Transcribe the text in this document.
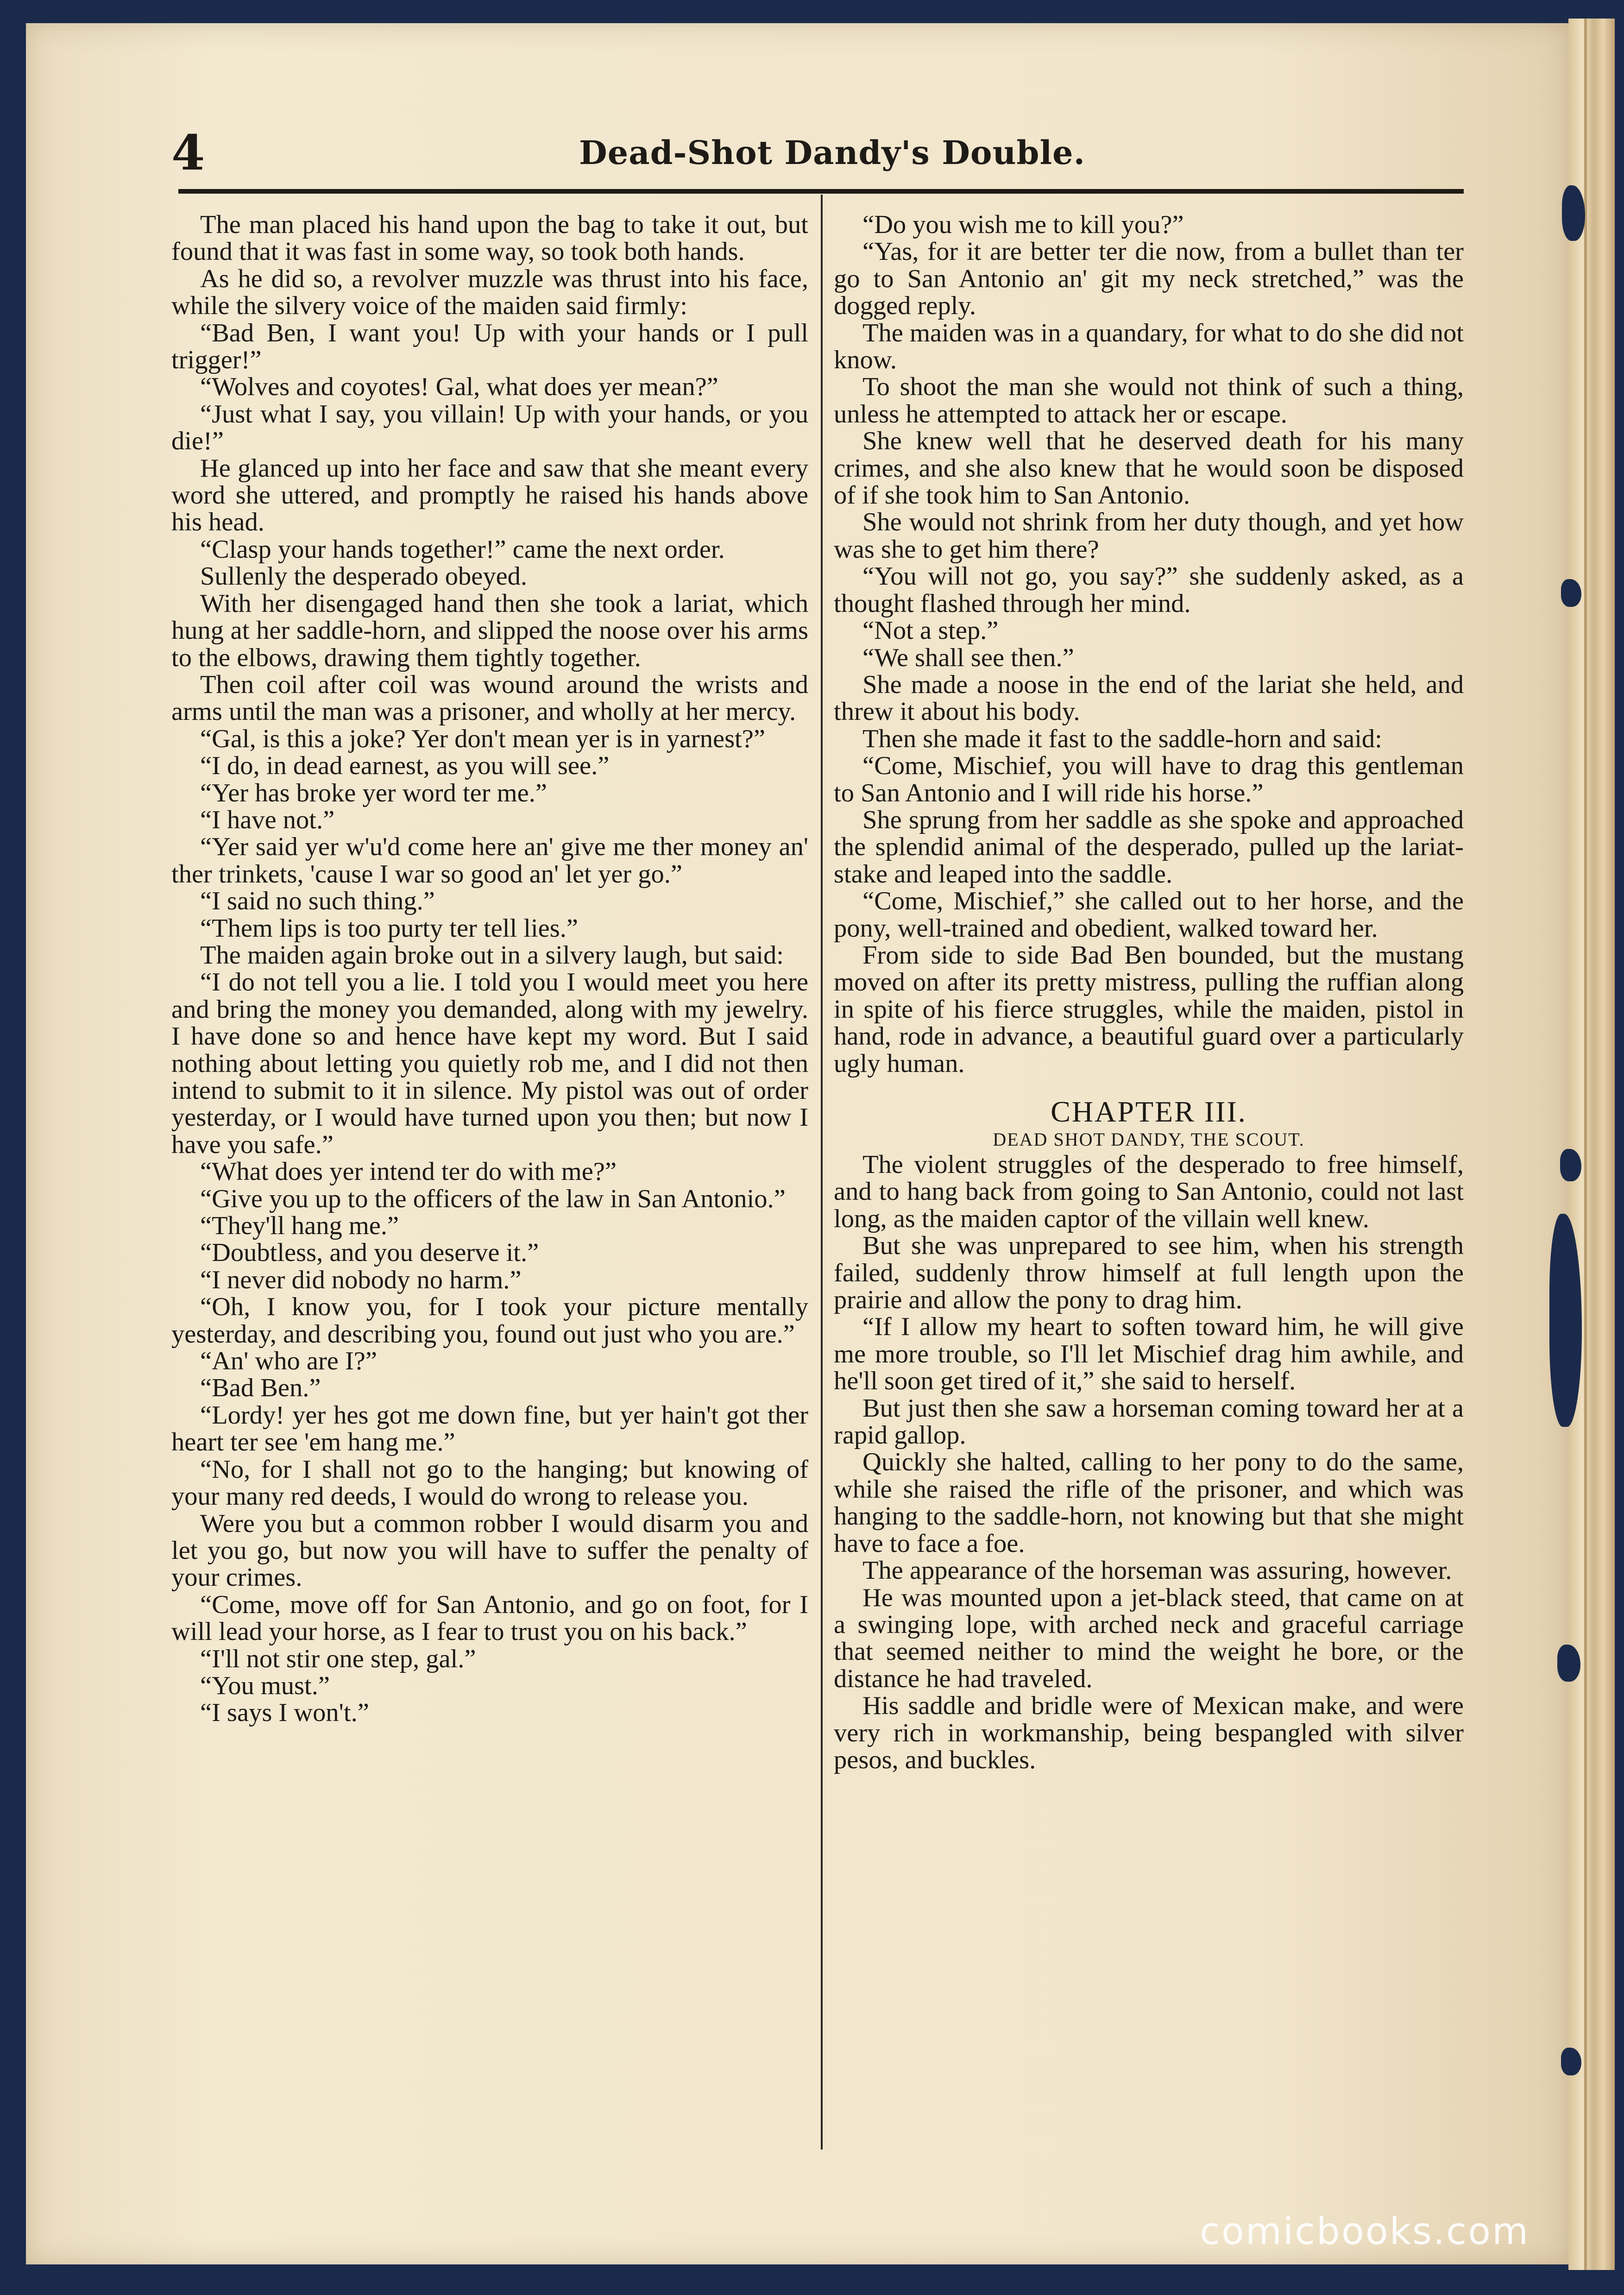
4	Dead-Shot Dandy's Double.

The man placed his hand upon the bag to take it out, but found that it was fast in some way, so took both hands.

As he did so, a revolver muzzle was thrust into his face, while the silvery voice of the maiden said firmly:

“Bad Ben, I want you! Up with your hands or I pull trigger!”

“Wolves and coyotes! Gal, what does yer mean?”

“Just what I say, you villain! Up with your hands, or you die!”

He glanced up into her face and saw that she meant every word she uttered, and promptly he raised his hands above his head.

“Clasp your hands together!” came the next order.

Sullenly the desperado obeyed.

With her disengaged hand then she took a lariat, which hung at her saddle-horn, and slipped the noose over his arms to the elbows, drawing them tightly together.

Then coil after coil was wound around the wrists and arms until the man was a prisoner, and wholly at her mercy.

“Gal, is this a joke? Yer don't mean yer is in yarnest?”

“I do, in dead earnest, as you will see.”

“Yer has broke yer word ter me.”

“I have not.”

“Yer said yer w'u'd come here an' give me ther money an' ther trinkets, 'cause I war so good an' let yer go.”

“I said no such thing.”

“Them lips is too purty ter tell lies.”

The maiden again broke out in a silvery laugh, but said:

“I do not tell you a lie. I told you I would meet you here and bring the money you demanded, along with my jewelry. I have done so and hence have kept my word. But I said nothing about letting you quietly rob me, and I did not then intend to submit to it in silence. My pistol was out of order yesterday, or I would have turned upon you then; but now I have you safe.”

“What does yer intend ter do with me?”

“Give you up to the officers of the law in San Antonio.”

“They'll hang me.”

“Doubtless, and you deserve it.”

“I never did nobody no harm.”

“Oh, I know you, for I took your picture mentally yesterday, and describing you, found out just who you are.”

“An' who are I?”

“Bad Ben.”

“Lordy! yer hes got me down fine, but yer hain't got ther heart ter see 'em hang me.”

“No, for I shall not go to the hanging; but knowing of your many red deeds, I would do wrong to release you.

Were you but a common robber I would disarm you and let you go, but now you will have to suffer the penalty of your crimes.

“Come, move off for San Antonio, and go on foot, for I will lead your horse, as I fear to trust you on his back.”

“I'll not stir one step, gal.”

“You must.”

“I says I won't.”

“Do you wish me to kill you?”

“Yas, for it are better ter die now, from a bullet than ter go to San Antonio an' git my neck stretched,” was the dogged reply.

The maiden was in a quandary, for what to do she did not know.

To shoot the man she would not think of such a thing, unless he attempted to attack her or escape.

She knew well that he deserved death for his many crimes, and she also knew that he would soon be disposed of if she took him to San Antonio.

She would not shrink from her duty though, and yet how was she to get him there?

“You will not go, you say?” she suddenly asked, as a thought flashed through her mind.

“Not a step.”

“We shall see then.”

She made a noose in the end of the lariat she held, and threw it about his body.

Then she made it fast to the saddle-horn and said:

“Come, Mischief, you will have to drag this gentleman to San Antonio and I will ride his horse.”

She sprung from her saddle as she spoke and approached the splendid animal of the desperado, pulled up the lariat-stake and leaped into the saddle.

“Come, Mischief,” she called out to her horse, and the pony, well-trained and obedient, walked toward her.

From side to side Bad Ben bounded, but the mustang moved on after its pretty mistress, pulling the ruffian along in spite of his fierce struggles, while the maiden, pistol in hand, rode in advance, a beautiful guard over a particularly ugly human.

CHAPTER III.

DEAD SHOT DANDY, THE SCOUT.

The violent struggles of the desperado to free himself, and to hang back from going to San Antonio, could not last long, as the maiden captor of the villain well knew.

But she was unprepared to see him, when his strength failed, suddenly throw himself at full length upon the prairie and allow the pony to drag him.

“If I allow my heart to soften toward him, he will give me more trouble, so I'll let Mischief drag him awhile, and he'll soon get tired of it,” she said to herself.

But just then she saw a horseman coming toward her at a rapid gallop.

Quickly she halted, calling to her pony to do the same, while she raised the rifle of the prisoner, and which was hanging to the saddle-horn, not knowing but that she might have to face a foe.

The appearance of the horseman was assuring, however.

He was mounted upon a jet-black steed, that came on at a swinging lope, with arched neck and graceful carriage that seemed neither to mind the weight he bore, or the distance he had traveled.

His saddle and bridle were of Mexican make, and were very rich in workmanship, being bespangled with silver pesos, and buckles.

comicbooks.com
